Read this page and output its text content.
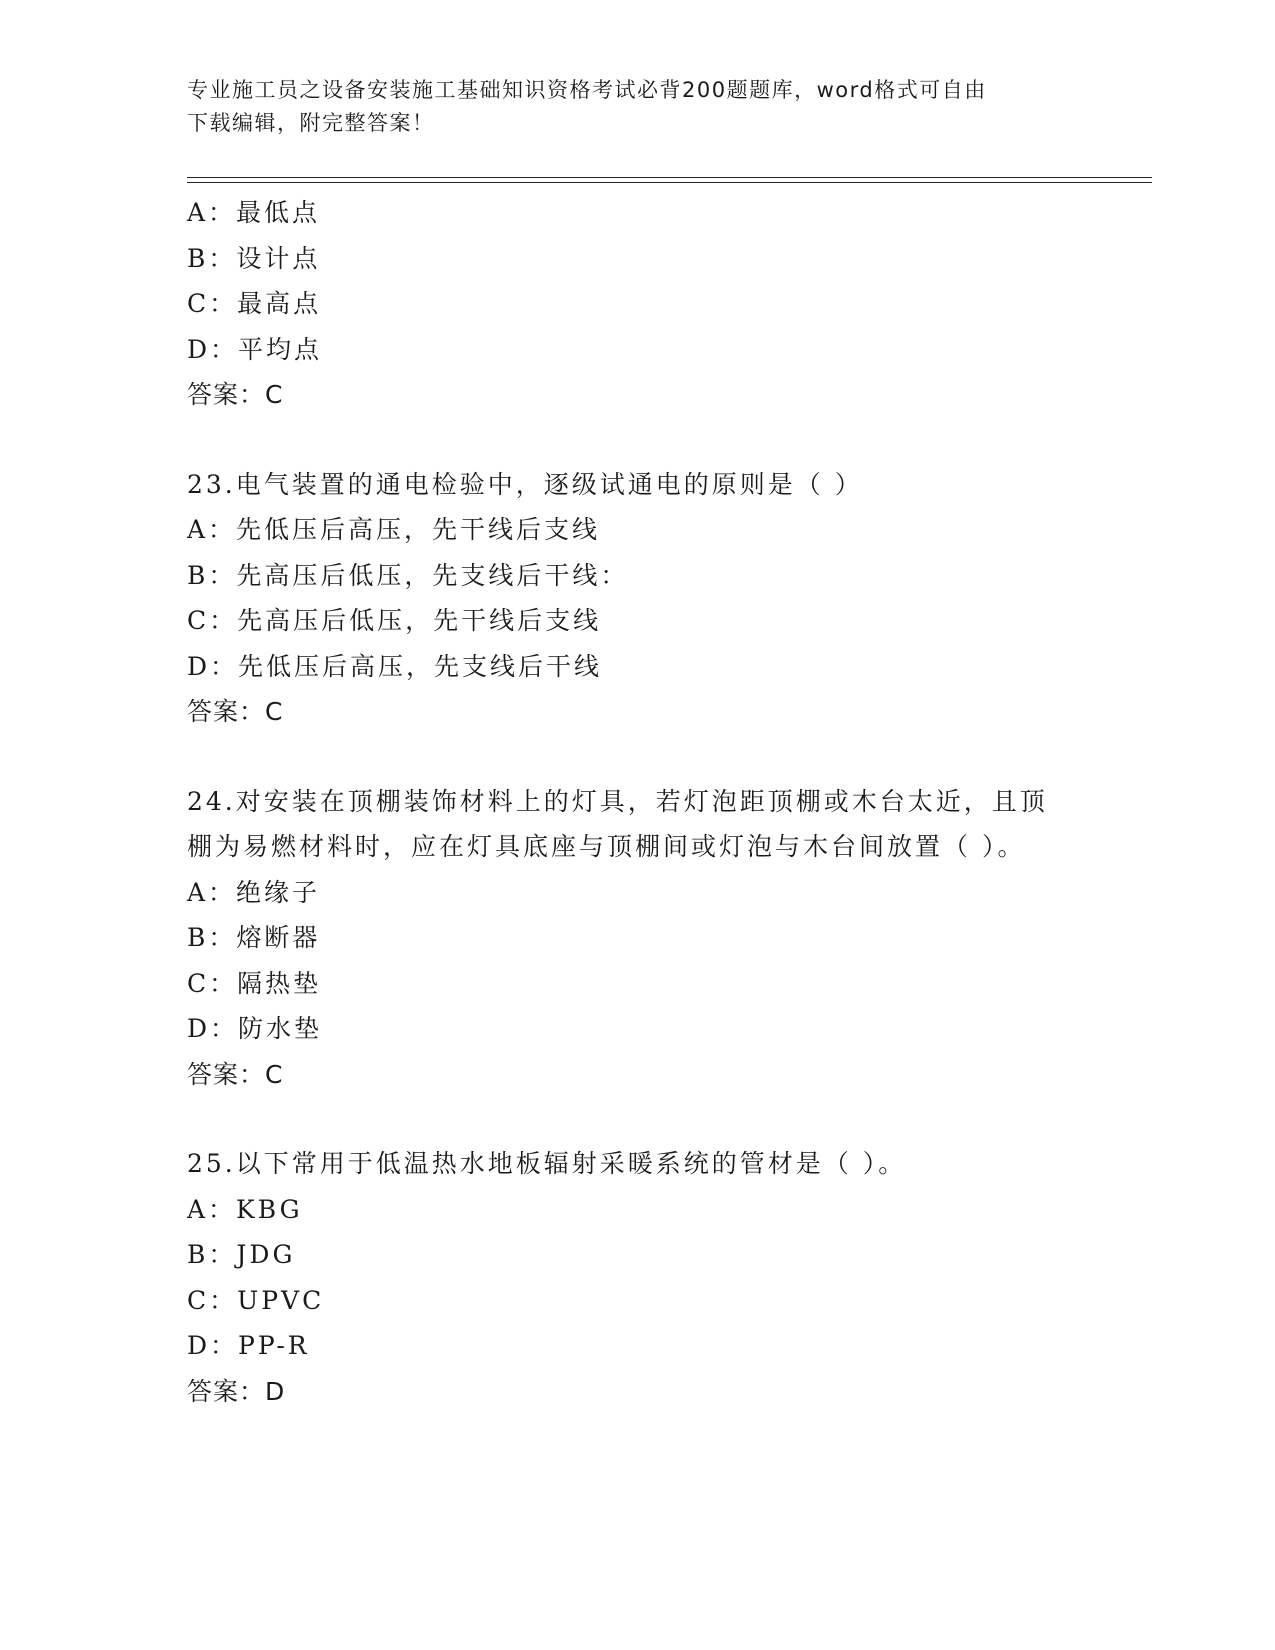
专业施工员之设备安装施工基础知识资格考试必背200题题库，word格式可自由
下载编辑，附完整答案！
A：最低点
B：设计点
C：最高点
D：平均点
答案：C
23.电气装置的通电检验中，逐级试通电的原则是（ ）
A：先低压后高压，先干线后支线
B：先高压后低压，先支线后干线：
C：先高压后低压，先干线后支线
D：先低压后高压，先支线后干线
答案：C
24.对安装在顶棚装饰材料上的灯具，若灯泡距顶棚或木台太近，且顶
棚为易燃材料时，应在灯具底座与顶棚间或灯泡与木台间放置（ ）。
A：绝缘子
B：熔断器
C：隔热垫
D：防水垫
答案：C
25.以下常用于低温热水地板辐射采暖系统的管材是（ ）。
A：KBG
B：JDG
C：UPVC
D：PP-R
答案：D
